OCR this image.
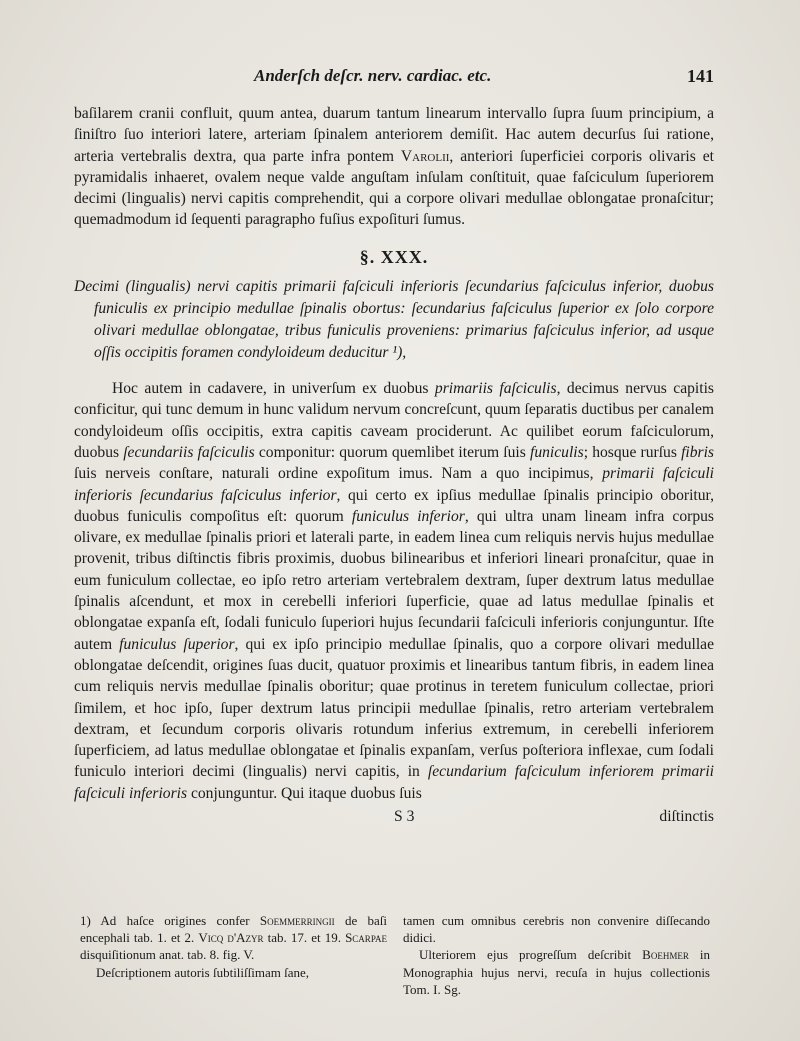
Anderſch deſcr. nerv. cardiac. etc.	141

baſilarem cranii confluit, quum antea, duarum tantum linearum intervallo ſupra ſuum principium, a ſiniſtro ſuo interiori latere, arteriam ſpinalem anteriorem demiſit. Hac autem decurſus ſui ratione, arteria vertebralis dextra, qua parte infra pontem Varolii, anteriori ſuperficiei corporis olivaris et pyramidalis inhaeret, ovalem neque valde anguſtam inſulam conſtituit, quae faſciculum ſuperiorem decimi (lingualis) nervi capitis comprehendit, qui a corpore olivari medullae oblongatae pronaſcitur; quemadmodum id ſequenti paragrapho fuſius expoſituri ſumus.

§. XXX.

Decimi (lingualis) nervi capitis primarii faſciculi inferioris ſecundarius faſciculus inferior, duobus funiculis ex principio medullae ſpinalis obortus: ſecundarius faſciculus ſuperior ex ſolo corpore olivari medullae oblongatae, tribus funiculis proveniens: primarius faſciculus inferior, ad usque oſſis occipitis foramen condyloideum deducitur ¹),

Hoc autem in cadavere, in univerſum ex duobus primariis faſciculis, decimus nervus capitis conficitur, qui tunc demum in hunc validum nervum concreſcunt, quum ſeparatis ductibus per canalem condyloideum oſſis occipitis, extra capitis caveam prociderunt. Ac quilibet eorum faſciculorum, duobus ſecundariis faſciculis componitur: quorum quemlibet iterum ſuis funiculis; hosque rurſus fibris ſuis nerveis conſtare, naturali ordine expoſitum imus. Nam a quo incipimus, primarii faſciculi inferioris ſecundarius faſciculus inferior, qui certo ex ipſius medullae ſpinalis principio oboritur, duobus funiculis compoſitus eſt: quorum funiculus inferior, qui ultra unam lineam infra corpus olivare, ex medullae ſpinalis priori et laterali parte, in eadem linea cum reliquis nervis hujus medullae provenit, tribus diſtinctis fibris proximis, duobus bilinearibus et inferiori lineari pronaſcitur, quae in eum funiculum collectae, eo ipſo retro arteriam vertebralem dextram, ſuper dextrum latus medullae ſpinalis aſcendunt, et mox in cerebelli inferiori ſuperficie, quae ad latus medullae ſpinalis et oblongatae expanſa eſt, ſodali funiculo ſuperiori hujus ſecundarii faſciculi inferioris conjunguntur. Iſte autem funiculus ſuperior, qui ex ipſo principio medullae ſpinalis, quo a corpore olivari medullae oblongatae deſcendit, origines ſuas ducit, quatuor proximis et linearibus tantum fibris, in eadem linea cum reliquis nervis medullae ſpinalis oboritur; quae protinus in teretem funiculum collectae, priori ſimilem, et hoc ipſo, ſuper dextrum latus principii medullae ſpinalis, retro arteriam vertebralem dextram, et ſecundum corporis olivaris rotundum inferius extremum, in cerebelli inferiorem ſuperficiem, ad latus medullae oblongatae et ſpinalis expanſam, verſus poſteriora inflexae, cum ſodali funiculo interiori decimi (lingualis) nervi capitis, in ſecundarium faſciculum inferiorem primarii faſciculi inferioris conjunguntur. Qui itaque duobus ſuis

S 3	diſtinctis

1) Ad haſce origines confer Soemmerringii de baſi encephali tab. 1. et 2. Vicq d'Azyr tab. 17. et 19. Scarpae disquiſitionum anat. tab. 8. fig. V.

Deſcriptionem autoris ſubtiliſſimam ſane,

tamen cum omnibus cerebris non convenire diſſecando didici.

Ulteriorem ejus progreſſum deſcribit Boehmer in Monographia hujus nervi, recuſa in hujus collectionis Tom. I. Sg.
